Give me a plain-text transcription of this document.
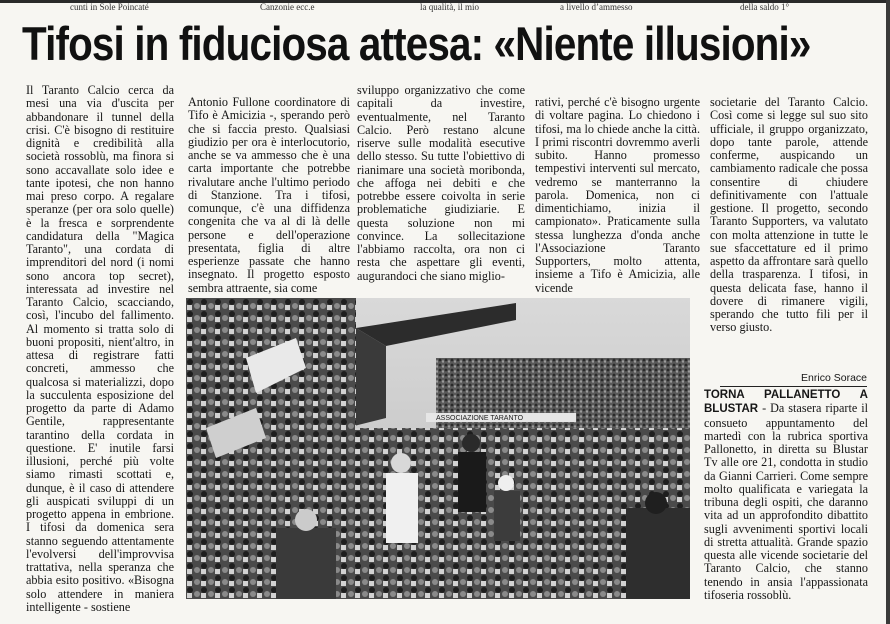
cunti in Sole Poincaté	Canzonie ecc.e	la qualità, il mio	a livello d’ammesso	della saldo 1°
Tifosi in fiduciosa attesa: «Niente illusioni»

Il Taranto Calcio cerca da mesi una via d'uscita per abbandonare il tunnel della crisi. C'è bisogno di restituire dignità e credibilità alla società rossoblù, ma finora si sono accavallate solo idee e tante ipotesi, che non hanno mai preso corpo. A regalare speranze (per ora solo quelle) è la fresca e sorprendente candidatura della "Magica Taranto", una cordata di imprenditori del nord (i nomi sono ancora top secret), interessata ad investire nel Taranto Calcio, scacciando, così, l'incubo del fallimento. Al momento si tratta solo di buoni propositi, nient'altro, in attesa di registrare fatti concreti, ammesso che qualcosa si materializzi, dopo la succulenta esposizione del progetto da parte di Adamo Gentile, rappresentante tarantino della cordata in questione. E' inutile farsi illusioni, perché più volte siamo rimasti scottati e, dunque, è il caso di attendere gli auspicati sviluppi di un progetto appena in embrione. I tifosi da domenica sera stanno seguendo attentamente l'evolversi dell'improvvisa trattativa, nella speranza che abbia esito positivo. «Bisogna solo attendere in maniera intelligente - sostiene

Antonio Fullone coordinatore di Tifo è Amicizia -, sperando però che si faccia presto. Qualsiasi giudizio per ora è interlocutorio, anche se va ammesso che è una carta importante che potrebbe rivalutare anche l'ultimo periodo di Stanzione. Tra i tifosi, comunque, c'è una diffidenza congenita che va al di là delle persone e dell'operazione presentata, figlia di altre esperienze passate che hanno insegnato. Il progetto esposto sembra attraente, sia come

sviluppo organizzativo che come capitali da investire, eventualmente, nel Taranto Calcio. Però restano alcune riserve sulle modalità esecutive dello stesso. Su tutte l'obiettivo di rianimare una società moribonda, che affoga nei debiti e che potrebbe essere coivolta in serie problematiche giudiziarie. E questa soluzione non mi convince. La sollecitazione l'abbiamo raccolta, ora non ci resta che aspettare gli eventi, augurandoci che siano miglio-

rativi, perché c'è bisogno urgente di voltare pagina. Lo chiedono i tifosi, ma lo chiede anche la città. I primi riscontri dovremmo averli subito. Hanno promesso tempestivi interventi sul mercato, vedremo se manterranno la parola. Domenica, non ci dimentichiamo, inizia il campionato». Praticamente sulla stessa lunghezza d'onda anche l'Associazione Taranto Supporters, molto attenta, insieme a Tifo è Amicizia, alle vicende

societarie del Taranto Calcio. Così come si legge sul suo sito ufficiale, il gruppo organizzato, dopo tante parole, attende conferme, auspicando un cambiamento radicale che possa consentire di chiudere definitivamente con l'attuale gestione. Il progetto, secondo Taranto Supporters, va valutato con molta attenzione in tutte le sue sfaccettature ed il primo aspetto da affrontare sarà quello della trasparenza. I tifosi, in questa delicata fase, hanno il dovere di rimanere vigili, sperando che tutto fili per il verso giusto.

Enrico Sorace

TORNA PALLANETTO A BLUSTAR - Da stasera riparte il consueto appuntamento del martedì con la rubrica sportiva Pallonetto, in diretta su Blustar Tv alle ore 21, condotta in studio da Gianni Carrieri. Come sempre molto qualificata e variegata la tribuna degli ospiti, che daranno vita ad un approfondito dibattito sugli avvenimenti sportivi locali di stretta attualità. Grande spazio questa alle vicende societarie del Taranto Calcio, che stanno tenendo in ansia l'appassionata tifoseria rossoblù.

ASSOCIAZIONE TARANTO
